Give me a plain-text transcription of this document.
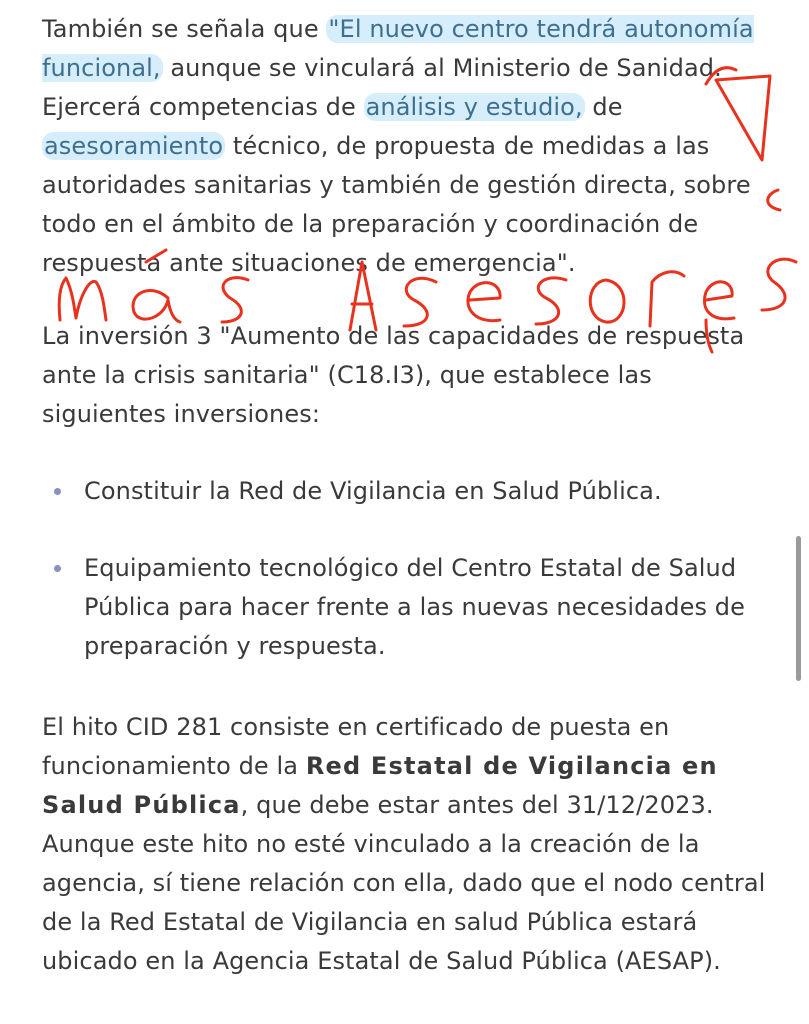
También se señala que "El nuevo centro tendrá autonomía funcional, aunque se vinculará al Ministerio de Sanidad. Ejercerá competencias de análisis y estudio, de asesoramiento técnico, de propuesta de medidas a las autoridades sanitarias y también de gestión directa, sobre todo en el ámbito de la preparación y coordinación de respuesta ante situaciones de emergencia".

La inversión 3 "Aumento de las capacidades de respuesta ante la crisis sanitaria" (C18.I3), que establece las siguientes inversiones:

Constituir la Red de Vigilancia en Salud Pública.
Equipamiento tecnológico del Centro Estatal de Salud Pública para hacer frente a las nuevas necesidades de preparación y respuesta.

El hito CID 281 consiste en certificado de puesta en funcionamiento de la Red Estatal de Vigilancia en Salud Pública, que debe estar antes del 31/12/2023. Aunque este hito no esté vinculado a la creación de la agencia, sí tiene relación con ella, dado que el nodo central de la Red Estatal de Vigilancia en salud Pública estará ubicado en la Agencia Estatal de Salud Pública (AESAP).
